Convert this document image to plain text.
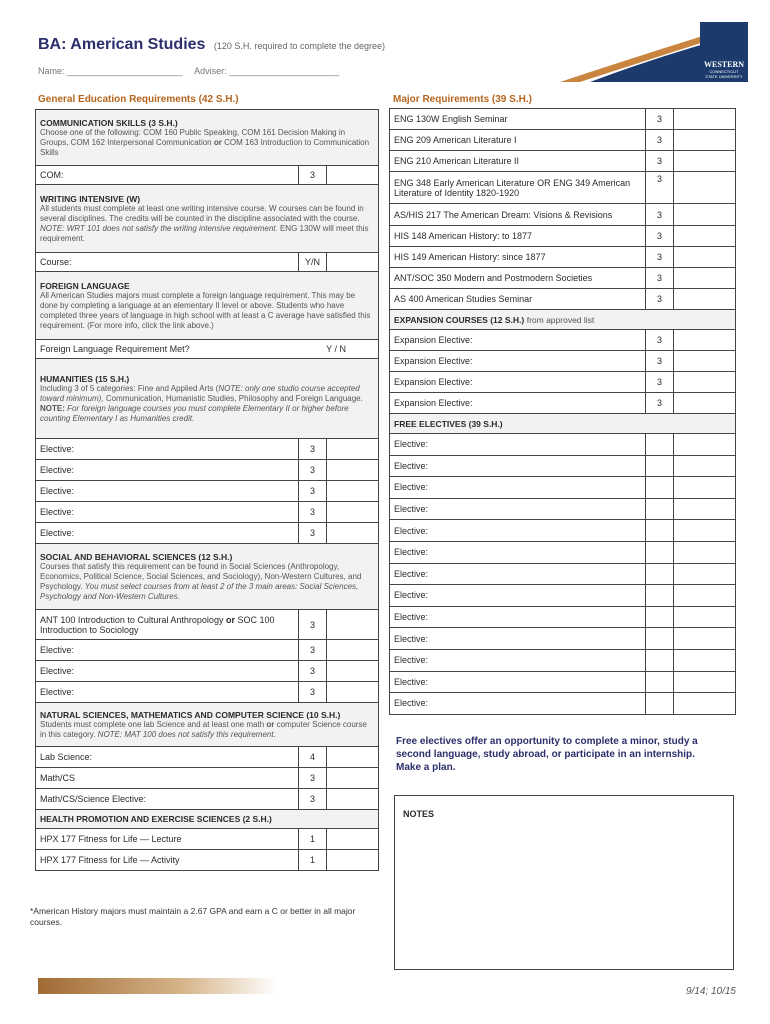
BA: American Studies (120 S.H. required to complete the degree)
Name: _______________________ Adviser: ______________________
WESTERN
CONNECTICUT
STATE UNIVERSITY
General Education Requirements (42 S.H.)
COMMUNICATION SKILLS (3 S.H.)
Choose one of the following: COM 160 Public Speaking, COM 161 Decision Making in Groups, COM 162 Interpersonal Communication or COM 163 Introduction to Communication Skills		

COM:	3	

WRITING INTENSIVE (W)
All students must complete at least one writing intensive course. W courses can be found in several disciplines. The credits will be counted in the discipline associated with the course. NOTE: WRT 101 does not satisfy the writing intensive requirement. ENG 130W will meet this requirement.		

Course:	Y/N	

FOREIGN LANGUAGE
All American Studies majors must complete a foreign language requirement. This may be done by completing a language at an elementary II level or above. Students who have completed three years of language in high school with at least a C average have satisfied this requirement. (For more info, click the link above.)		

Foreign Language Requirement Met? Y / N		

HUMANITIES (15 S.H.)
Including 3 of 5 categories: Fine and Applied Arts (NOTE: only one studio course accepted toward minimum), Communication, Humanistic Studies, Philosophy and Foreign Language. NOTE: For foreign language courses you must complete Elementary II or higher before counting Elementary I as Humanities credit.		

Elective:	3	
Elective:	3	
Elective:	3	
Elective:	3	
Elective:	3	

SOCIAL AND BEHAVIORAL SCIENCES (12 S.H.)
Courses that satisfy this requirement can be found in Social Sciences (Anthropology, Economics, Political Science, Social Sciences, and Sociology), Non-Western Cultures, and Psychology. You must select courses from at least 2 of the 3 main areas: Social Sciences, Psychology and Non-Western Cultures.		

ANT 100 Introduction to Cultural Anthropology or SOC 100 Introduction to Sociology	3	
Elective:	3	
Elective:	3	
Elective:	3	

NATURAL SCIENCES, MATHEMATICS AND COMPUTER SCIENCE (10 S.H.)
Students must complete one lab Science and at least one math or computer Science course in this category. NOTE: MAT 100 does not satisfy this requirement.		

Lab Science:	4	
Math/CS	3	
Math/CS/Science Elective:	3	

HEALTH PROMOTION AND EXERCISE SCIENCES (2 S.H.)		

HPX 177 Fitness for Life — Lecture	1	
HPX 177 Fitness for Life — Activity	1	
Major Requirements (39 S.H.)
ENG 130W English Seminar	3	
ENG 209 American Literature I	3	
ENG 210 American Literature II	3	
ENG 348 Early American Literature OR ENG 349 American Literature of Identity 1820-1920	3	
AS/HIS 217 The American Dream: Visions & Revisions	3	
HIS 148 American History: to 1877	3	
HIS 149 American History: since 1877	3	
ANT/SOC 350 Modern and Postmodern Societies	3	
AS 400 American Studies Seminar	3	
EXPANSION COURSES (12 S.H.) from approved list		
Expansion Elective:	3	
Expansion Elective:	3	
Expansion Elective:	3	
Expansion Elective:	3	
FREE ELECTIVES (39 S.H.)		
Elective:		
Elective:		
Elective:		
Elective:		
Elective:		
Elective:		
Elective:		
Elective:		
Elective:		
Elective:		
Elective:		
Elective:		
Elective:		
Free electives offer an opportunity to complete a minor, study a second language, study abroad, or participate in an internship. Make a plan.
NOTES
*American History majors must maintain a 2.67 GPA and earn a C or better in all major courses.
9/14; 10/15
